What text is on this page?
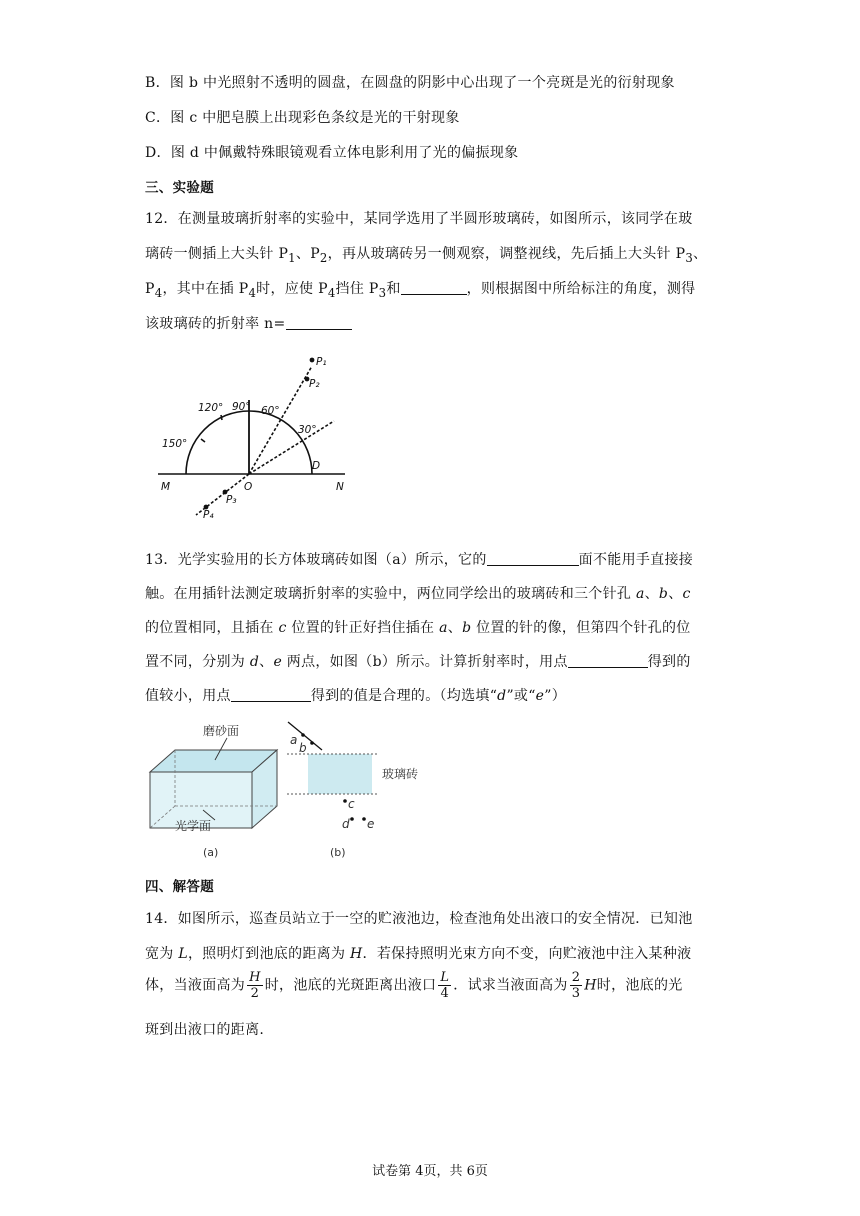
B．图 b 中光照射不透明的圆盘，在圆盘的阴影中心出现了一个亮斑是光的衍射现象
C．图 c 中肥皂膜上出现彩色条纹是光的干射现象
D．图 d 中佩戴特殊眼镜观看立体电影利用了光的偏振现象
三、实验题
12．在测量玻璃折射率的实验中，某同学选用了半圆形玻璃砖，如图所示，该同学在玻
璃砖一侧插上大头针 $P_1$、$P_2$，再从玻璃砖另一侧观察，调整视线，先后插上大头针 $P_3$、
$P_4$，其中在插 $P_4$时，应使 $P_4$挡住 $P_3$和	，则根据图中所给标注的角度，测得
该玻璃砖的折射率 n=
150°
120° 90° 60°
30°
M	O	N
D
P₁
P₂
P₃
P₄
13．光学实验用的长方体玻璃砖如图（a）所示，它的	面不能用手直接接
触。在用插针法测定玻璃折射率的实验中，两位同学绘出的玻璃砖和三个针孔 a、b、c
的位置相同，且插在 c 位置的针正好挡住插在 a、b 位置的针的像，但第四个针孔的位
置不同，分别为 d、e 两点，如图（b）所示。计算折射率时，用点	得到的
值较小，用点	得到的值是合理的。（均选填“d”或“e”）
磨砂面
光学面
(a)
a
b
c
d e
玻璃砖
(b)
四、解答题
14．如图所示，巡查员站立于一空的贮液池边，检查池角处出液口的安全情况．已知池
宽为 L，照明灯到池底的距离为 H．若保持照明光束方向不变，向贮液池中注入某种液
体，当液面高为 $\frac{H}{2}$ 时，池底的光斑距离出液口 $\frac{L}{4}$ ．试求当液面高为 $\frac{2}{3}$ H时，池底的光
斑到出液口的距离.
试卷第 4页，共 6页
